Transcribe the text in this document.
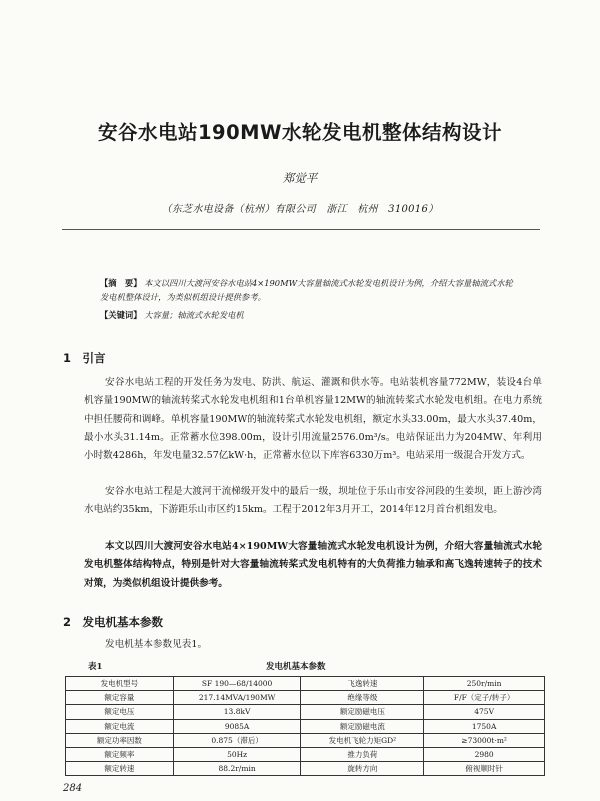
安谷水电站190MW水轮发电机整体结构设计
郑觉平
（东芝水电设备（杭州）有限公司　浙江　杭州　310016）
【摘　要】 本文以四川大渡河安谷水电站4×190MW大容量轴流式水轮发电机设计为例，介绍大容量轴流式水轮发电机整体设计，为类似机组设计提供参考。
【关键词】 大容量；轴流式水轮发电机
1　引言
安谷水电站工程的开发任务为发电、防洪、航运、灌溉和供水等。电站装机容量772MW，装设4台单机容量190MW的轴流转桨式水轮发电机组和1台单机容量12MW的轴流转桨式水轮发电机组。在电力系统中担任腰荷和调峰。单机容量190MW的轴流转桨式水轮发电机组，额定水头33.00m，最大水头37.40m，最小水头31.14m。正常蓄水位398.00m，设计引用流量2576.0m³/s。电站保证出力为204MW、年利用小时数4286h，年发电量32.57亿kW·h，正常蓄水位以下库容6330万m³。电站采用一级混合开发方式。
安谷水电站工程是大渡河干流梯级开发中的最后一级，坝址位于乐山市安谷河段的生姜坝，距上游沙湾水电站约35km，下游距乐山市区约15km。工程于2012年3月开工，2014年12月首台机组发电。
本文以四川大渡河安谷水电站4×190MW大容量轴流式水轮发电机设计为例，介绍大容量轴流式水轮发电机整体结构特点，特别是针对大容量轴流转桨式发电机特有的大负荷推力轴承和高飞逸转速转子的技术对策，为类似机组设计提供参考。
2　发电机基本参数
发电机基本参数见表1。
表1	发电机基本参数
发电机型号	SF 190—68/14000	飞逸转速	250r/min
额定容量	217.14MVA/190MW	绝缘等级	F/F（定子/转子）
额定电压	13.8kV	额定励磁电压	475V
额定电流	9085A	额定励磁电流	1750A
额定功率因数	0.875（滞后）	发电机飞轮力矩GD²	≥73000t·m²
额定频率	50Hz	推力负荷	2980
额定转速	88.2r/min	旋转方向	俯视顺时针
284
